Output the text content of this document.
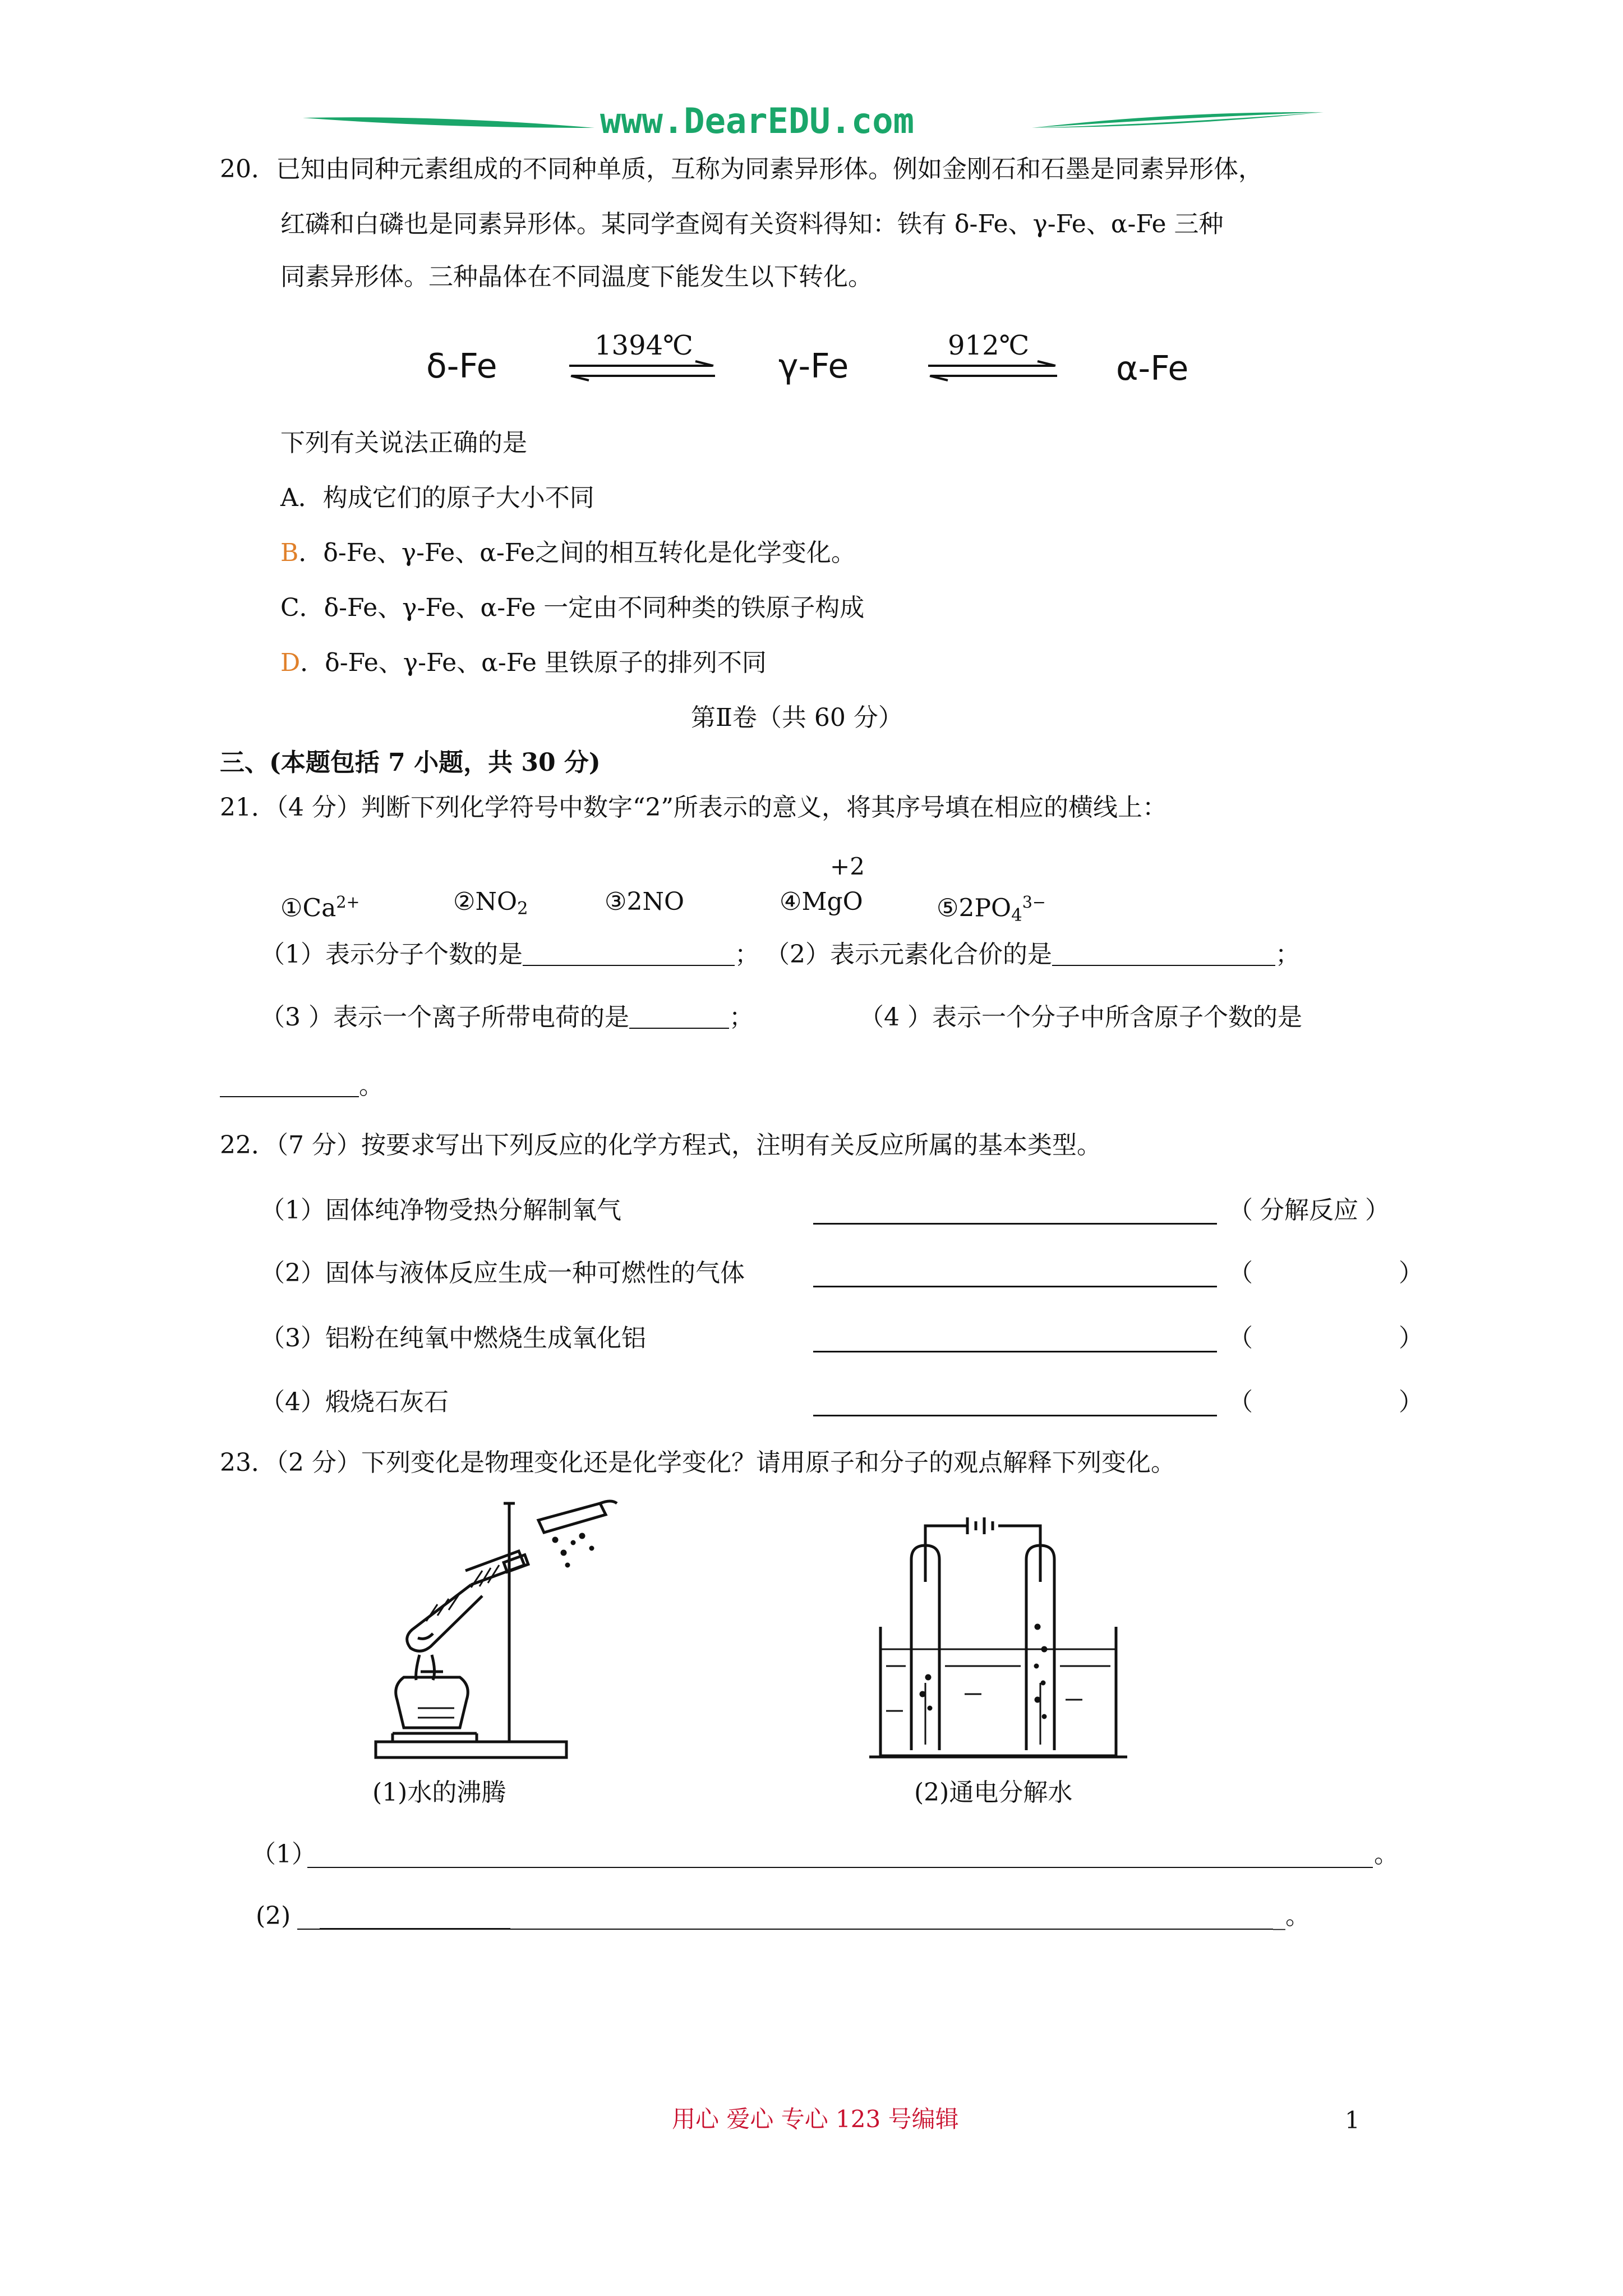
www.DearEDU.com
20．已知由同种元素组成的不同种单质，互称为同素异形体。例如金刚石和石墨是同素异形体，
红磷和白磷也是同素异形体。某同学查阅有关资料得知：铁有 δ-Fe、γ-Fe、α-Fe 三种
同素异形体。三种晶体在不同温度下能发生以下转化。
δ-Fe
1394℃
γ-Fe
912℃
α-Fe
下列有关说法正确的是
A．构成它们的原子大小不同
B．δ-Fe、γ-Fe、α-Fe之间的相互转化是化学变化。
C．δ-Fe、γ-Fe、α-Fe 一定由不同种类的铁原子构成
D．δ-Fe、γ-Fe、α-Fe 里铁原子的排列不同
第Ⅱ卷（共 60 分）
三、(本题包括 7 小题，共 30 分)
21．（4 分）判断下列化学符号中数字“2”所表示的意义，将其序号填在相应的横线上：
+2
$①Ca^{2+}$	$②NO_2$	③2NO	④MgO	$⑤2PO_4^{3-}$
（1）表示分子个数的是	； （2）表示元素化合价的是	；
（3 ）表示一个离子所带电荷的是	；	（4 ）表示一个分子中所含原子个数的是
。
22．（7 分）按要求写出下列反应的化学方程式，注明有关反应所属的基本类型。
（1）固体纯净物受热分解制氧气	（ 分解反应 ）
（2）固体与液体反应生成一种可燃性的气体	（	）
（3）铝粉在纯氧中燃烧生成氧化铝	（	）
（4）煅烧石灰石	（	）
23．（2 分）下列变化是物理变化还是化学变化？请用原子和分子的观点解释下列变化。
(1)水的沸腾	(2)通电分解水
（1）	。
(2)	_。
用心 爱心 专心 123 号编辑	1
